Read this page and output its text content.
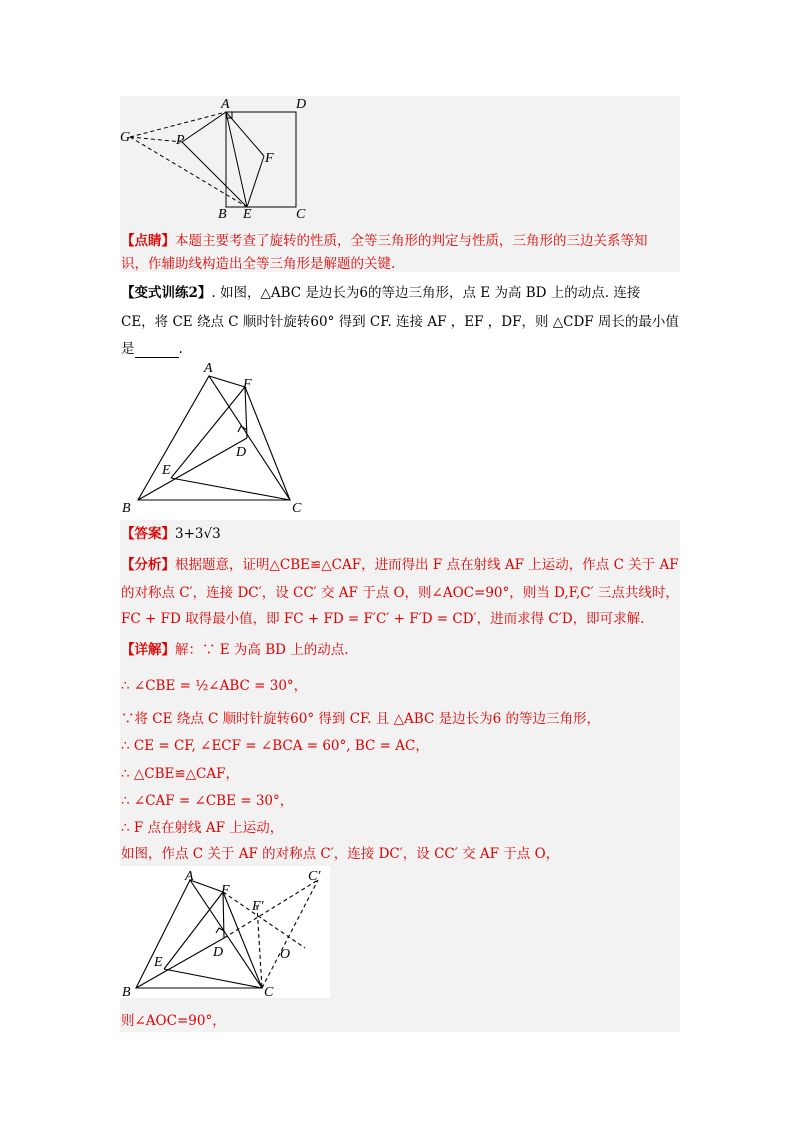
A	D
G	P
F
B E	C
【点睛】本题主要考查了旋转的性质，全等三角形的判定与性质，三角形的三边关系等知
识，作辅助线构造出全等三角形是解题的关键.
【变式训练2】. 如图，△ABC 是边长为6的等边三角形，点 E 为高 BD 上的动点. 连接
CE，将 CE 绕点 C 顺时针旋转60° 得到 CF. 连接 AF ，EF ，DF，则 △CDF 周长的最小值
是	.
A
F
D
E
B	C
【答案】3+3√3
【分析】根据题意，证明△CBE≌△CAF，进而得出 F 点在射线 AF 上运动，作点 C 关于 AF
的对称点 C′，连接 DC′，设 CC′ 交 AF 于点 O，则∠AOC=90°，则当 D,F,C′ 三点共线时，
FC + FD 取得最小值，即 FC + FD = F′C′ + F′D = CD′，进而求得 C′D，即可求解.
【详解】解：∵ E 为高 BD 上的动点.
∴ ∠CBE = ½∠ABC = 30°，
∵将 CE 绕点 C 顺时针旋转60° 得到 CF. 且 △ABC 是边长为6 的等边三角形，
∴ CE = CF, ∠ECF = ∠BCA = 60°, BC = AC，
∴ △CBE≌△CAF，
∴ ∠CAF = ∠CBE = 30°，
∴ F 点在射线 AF 上运动，
如图，作点 C 关于 AF 的对称点 C′，连接 DC′，设 CC′ 交 AF 于点 O，
A
F
C′
F′
O
D
E
B	C
则∠AOC=90°，
